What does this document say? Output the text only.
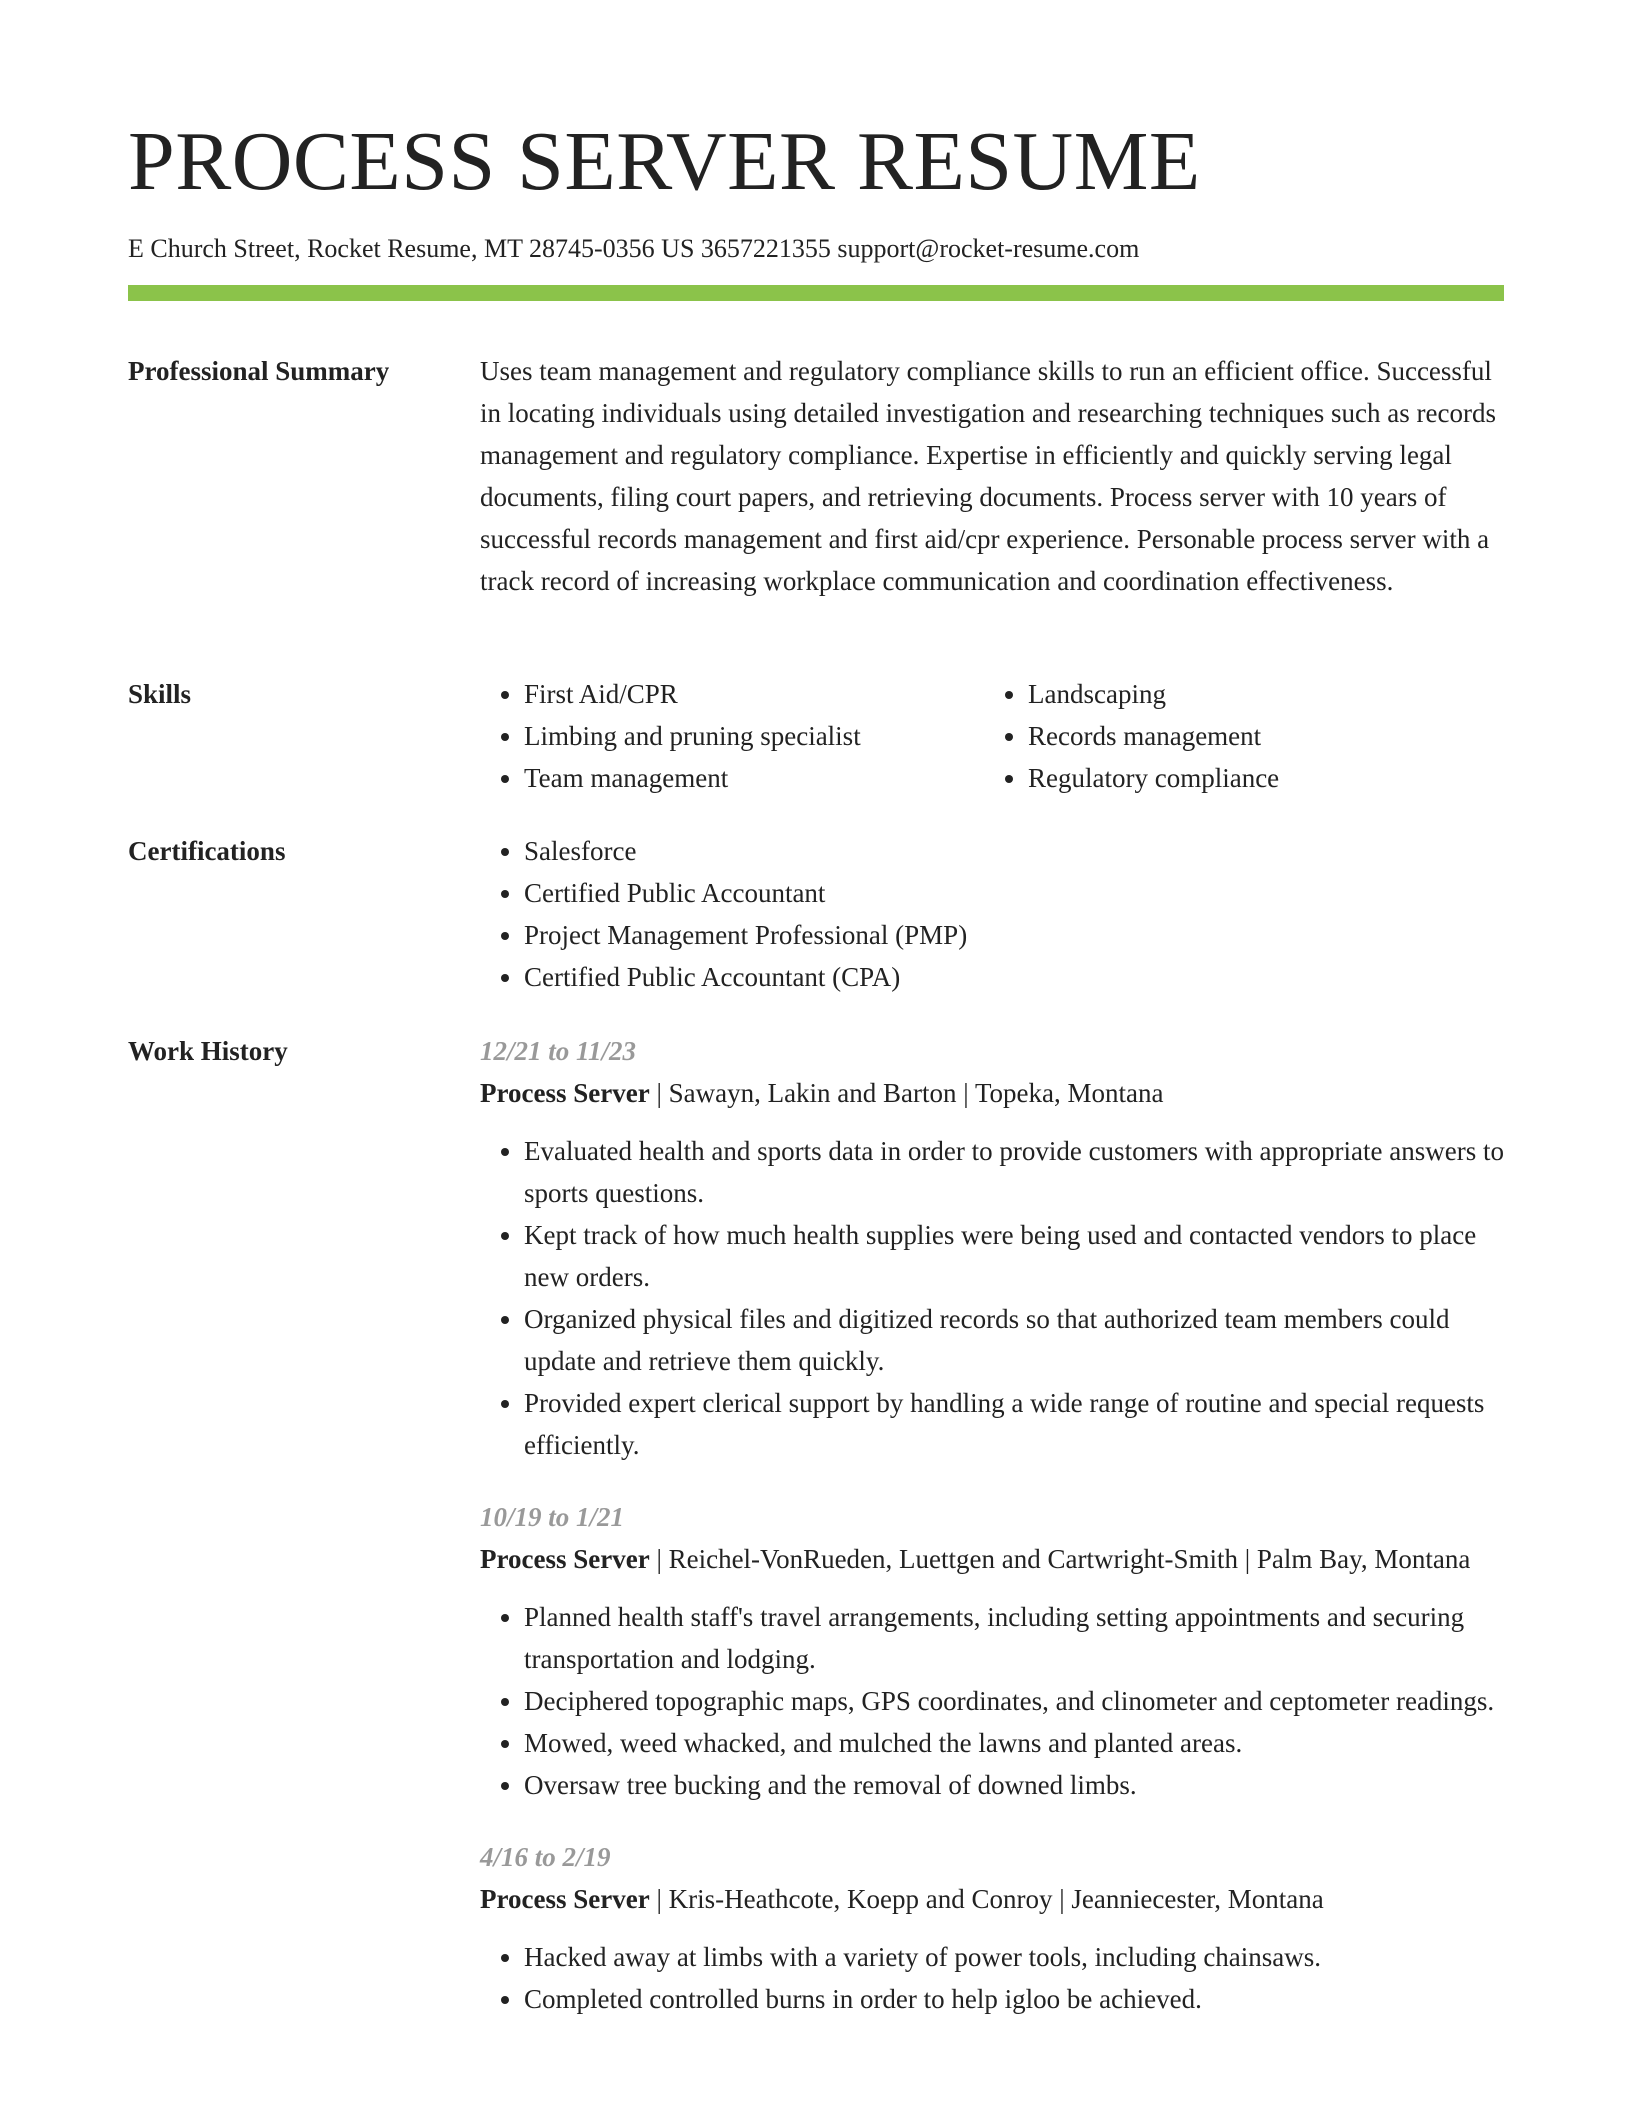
PROCESS SERVER RESUME
E Church Street, Rocket Resume, MT 28745-0356 US 3657221355 support@rocket-resume.com
Professional Summary	Uses team management and regulatory compliance skills to run an efficient office. Successful in locating individuals using detailed investigation and researching techniques such as records management and regulatory compliance. Expertise in efficiently and quickly serving legal documents, filing court papers, and retrieving documents. Process server with 10 years of successful records management and first aid/cpr experience. Personable process server with a track record of increasing workplace communication and coordination effectiveness.

Skills	• First Aid/CPR
• Limbing and pruning specialist
• Team management
• Landscaping
• Records management
• Regulatory compliance
Certifications	• Salesforce
• Certified Public Accountant
• Project Management Professional (PMP)
• Certified Public Accountant (CPA)
Work History	12/21 to 11/23
Process Server | Sawayn, Lakin and Barton | Topeka, Montana
• Evaluated health and sports data in order to provide customers with appropriate answers to sports questions.
• Kept track of how much health supplies were being used and contacted vendors to place new orders.
• Organized physical files and digitized records so that authorized team members could update and retrieve them quickly.
• Provided expert clerical support by handling a wide range of routine and special requests efficiently.
10/19 to 1/21
Process Server | Reichel-VonRueden, Luettgen and Cartwright-Smith | Palm Bay, Montana
• Planned health staff's travel arrangements, including setting appointments and securing transportation and lodging.
• Deciphered topographic maps, GPS coordinates, and clinometer and ceptometer readings.
• Mowed, weed whacked, and mulched the lawns and planted areas.
• Oversaw tree bucking and the removal of downed limbs.
4/16 to 2/19
Process Server | Kris-Heathcote, Koepp and Conroy | Jeanniecester, Montana
• Hacked away at limbs with a variety of power tools, including chainsaws.
• Completed controlled burns in order to help igloo be achieved.
